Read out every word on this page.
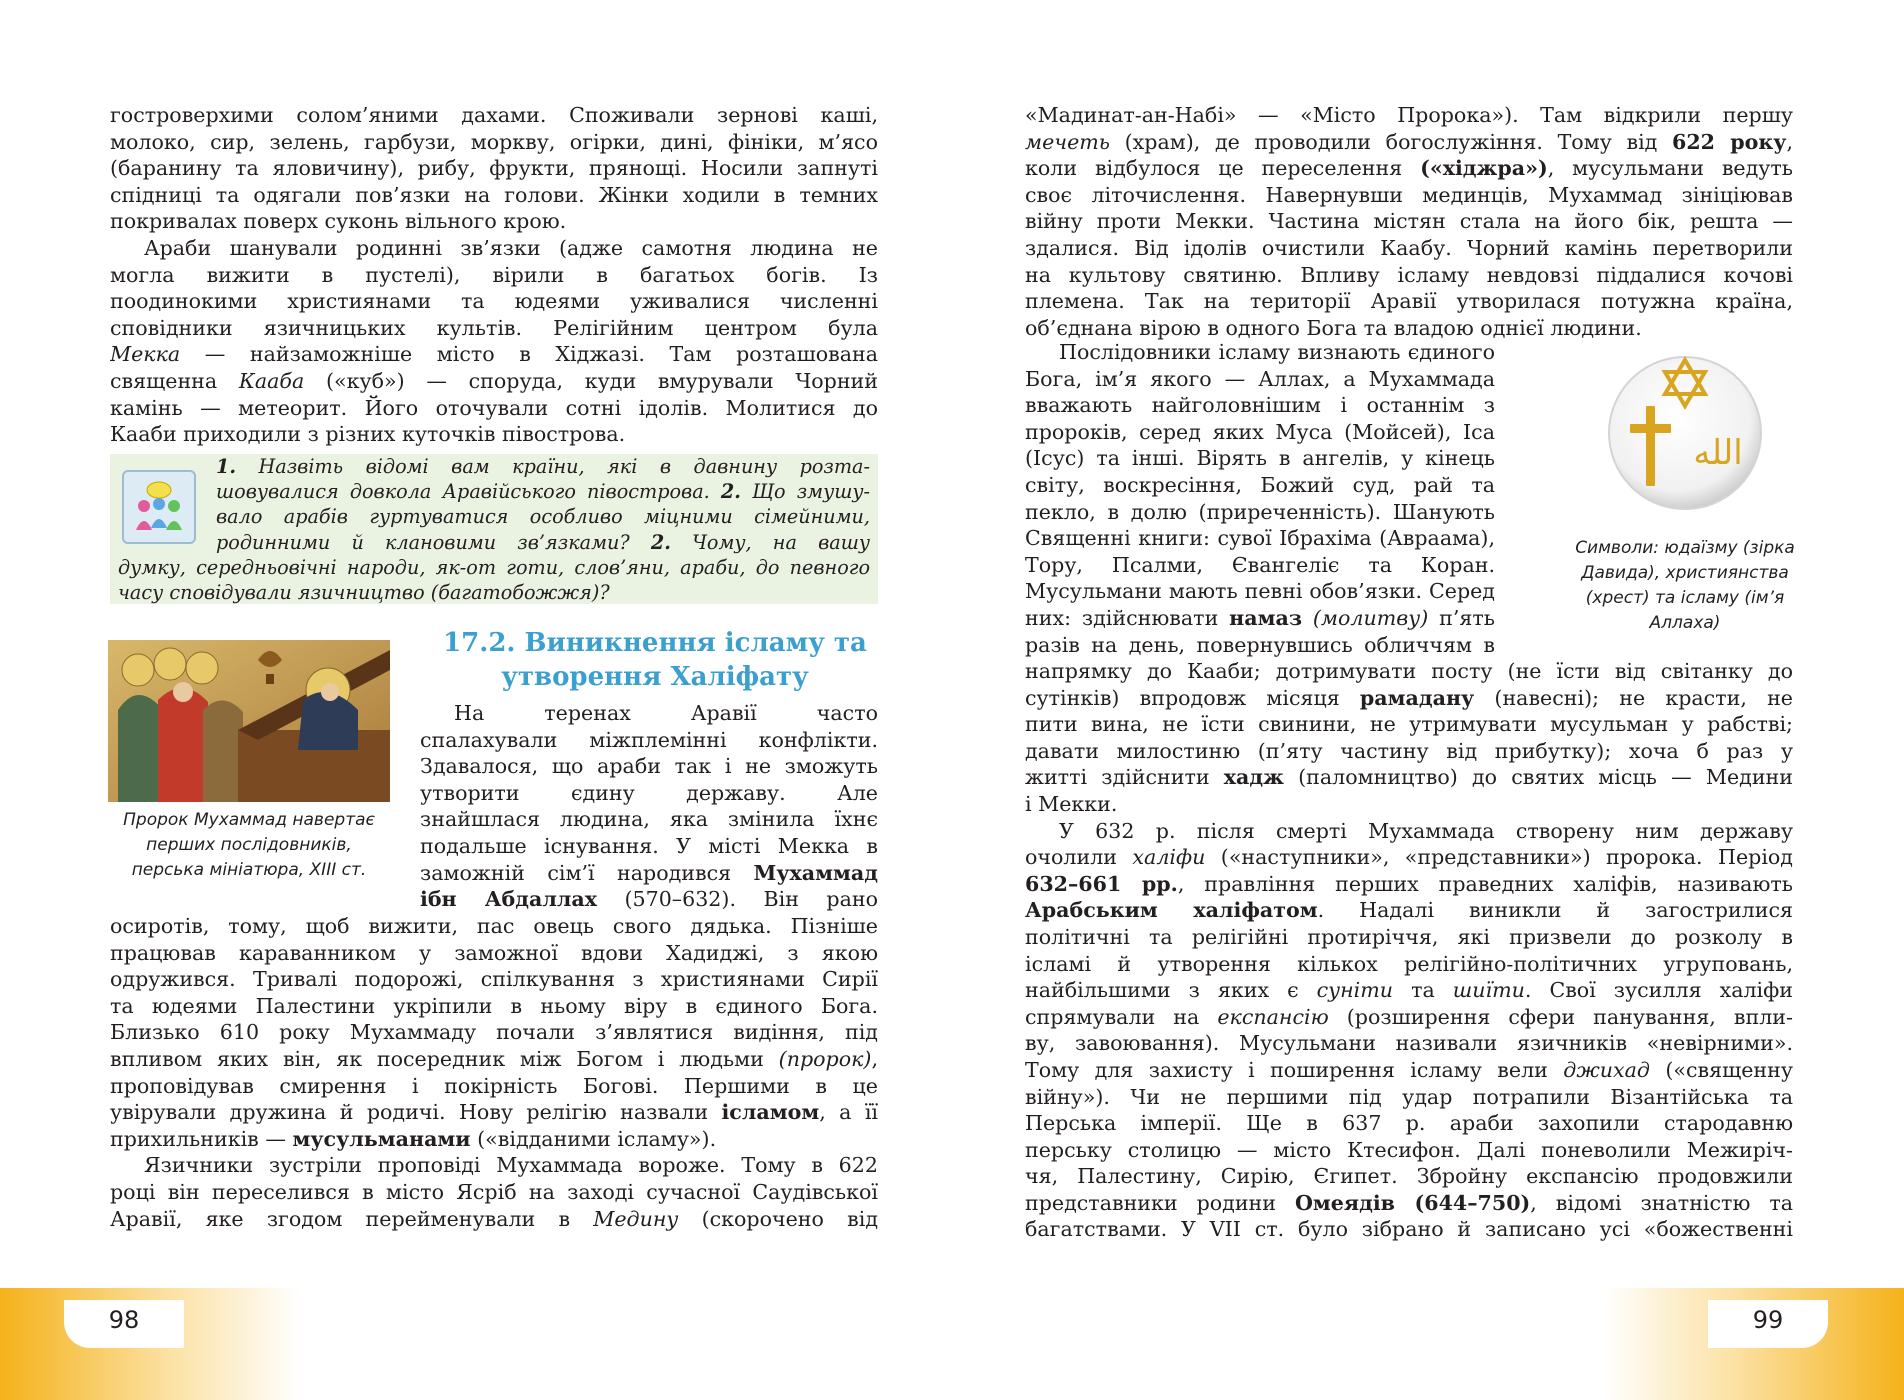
гостроверхими солом’яними дахами. Споживали зернові каші,
молоко, сир, зелень, гарбузи, моркву, огірки, дині, фініки, м’ясо
(баранину та яловичину), рибу, фрукти, прянощі. Носили запнуті
спідниці та одягали пов’язки на голови. Жінки ходили в темних
покривалах поверх суконь вільного крою.
Араби шанували родинні зв’язки (адже самотня людина не
могла вижити в пустелі), вірили в багатьох богів. Із
поодинокими християнами та юдеями уживалися численні
сповідники язичницьких культів. Релігійним центром була
Мекка — найзаможніше місто в Хіджазі. Там розташована
священна Кааба («куб») — споруда, куди вмурували Чорний
камінь — метеорит. Його оточували сотні ідолів. Молитися до
Кааби приходили з різних куточків півострова.
1. Назвіть відомі вам країни, які в давнину розта-
шовувалися довкола Аравійського півострова. 2. Що змушу-
вало арабів гуртуватися особливо міцними сімейними,
родинними й клановими зв’язками? 2. Чому, на вашу
думку, середньовічні народи, як-от готи, слов’яни, араби, до певного
часу сповідували язичництво (багатобожжя)?
Пророк Мухаммад навертає перших послідовників, перська мініатюра, XIII ст.
17.2. Виникнення ісламу та утворення Халіфату
На теренах Аравії часто
спалахували міжплемінні конфлікти.
Здавалося, що араби так і не зможуть
утворити єдину державу. Але
знайшлася людина, яка змінила їхнє
подальше існування. У місті Мекка в
заможній сім’ї народився Мухаммад
ібн Абдаллах (570–632). Він рано
осиротів, тому, щоб вижити, пас овець свого дядька. Пізніше
працював караванником у заможної вдови Хадиджі, з якою
одружився. Тривалі подорожі, спілкування з християнами Сирії
та юдеями Палестини укріпили в ньому віру в єдиного Бога.
Близько 610 року Мухаммаду почали з’являтися видіння, під
впливом яких він, як посередник між Богом і людьми (пророк),
проповідував смирення і покірність Богові. Першими в це
увірували дружина й родичі. Нову релігію назвали ісламом, а її
прихильників — мусульманами («відданими ісламу»).
Язичники зустріли проповіді Мухаммада вороже. Тому в 622
році він переселився в місто Ясріб на заході сучасної Саудівської
Аравії, яке згодом перейменували в Медину (скорочено від
98
«Мадинат-ан-Набі» — «Місто Пророка»). Там відкрили першу
мечеть (храм), де проводили богослужіння. Тому від 622 року,
коли відбулося це переселення («хіджра»), мусульмани ведуть
своє літочислення. Навернувши мединців, Мухаммад зініціював
війну проти Мекки. Частина містян стала на його бік, решта —
здалися. Від ідолів очистили Каабу. Чорний камінь перетворили
на культову святиню. Впливу ісламу невдовзі піддалися кочові
племена. Так на території Аравії утворилася потужна країна,
об’єднана вірою в одного Бога та владою однієї людини.
Послідовники ісламу визнають єдиного
Бога, ім’я якого — Аллах, а Мухаммада
вважають найголовнішим і останнім з
пророків, серед яких Муса (Мойсей), Іса
(Ісус) та інші. Вірять в ангелів, у кінець
світу, воскресіння, Божий суд, рай та
пекло, в долю (приреченність). Шанують
Священні книги: сувої Ібрахіма (Авраама),
Тору, Псалми, Євангеліє та Коран.
Мусульмани мають певні обов’язки. Серед
них: здійснювати намаз (молитву) п’ять
разів на день, повернувшись обличчям в
الله
Символи: юдаїзму (зірка Давида), християнства (хрест) та ісламу (ім’я Аллаха)
напрямку до Кааби; дотримувати посту (не їсти від світанку до
сутінків) впродовж місяця рамадану (навесні); не красти, не
пити вина, не їсти свинини, не утримувати мусульман у рабстві;
давати милостиню (п’яту частину від прибутку); хоча б раз у
житті здійснити хадж (паломництво) до святих місць — Медини
і Мекки.
У 632 р. після смерті Мухаммада створену ним державу
очолили халіфи («наступники», «представники») пророка. Період
632–661 рр., правління перших праведних халіфів, називають
Арабським халіфатом. Надалі виникли й загострилися
політичні та релігійні протиріччя, які призвели до розколу в
ісламі й утворення кількох релігійно-політичних угруповань,
найбільшими з яких є суніти та шиїти. Свої зусилля халіфи
спрямували на експансію (розширення сфери панування, впли-
ву, завоювання). Мусульмани називали язичників «невірними».
Тому для захисту і поширення ісламу вели джихад («священну
війну»). Чи не першими під удар потрапили Візантійська та
Перська імперії. Ще в 637 р. араби захопили стародавню
перську столицю — місто Ктесифон. Далі поневолили Межиріч-
чя, Палестину, Сирію, Єгипет. Збройну експансію продовжили
представники родини Омеядів (644–750), відомі знатністю та
багатствами. У VII ст. було зібрано й записано усі «божественні
99
